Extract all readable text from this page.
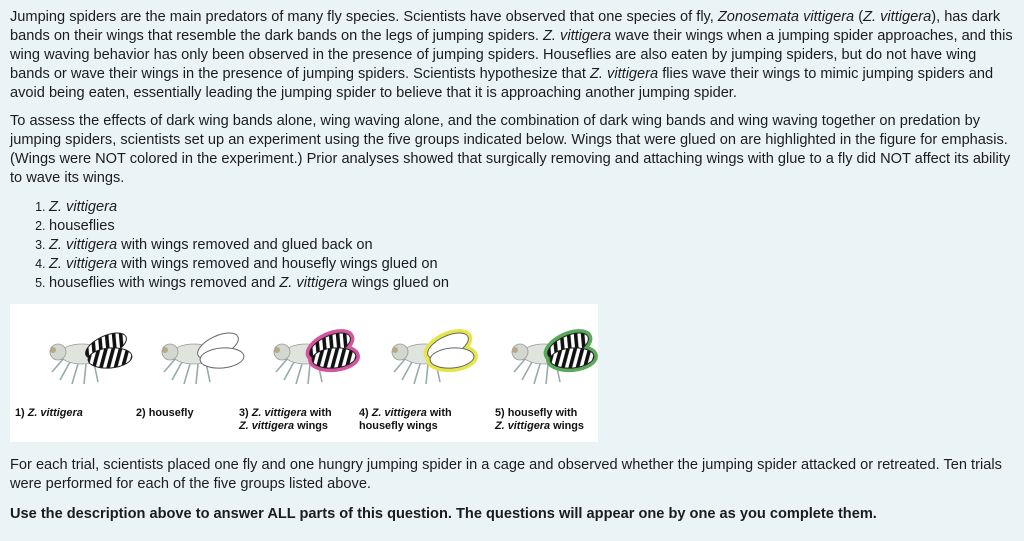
Jumping spiders are the main predators of many fly species. Scientists have observed that one species of fly, Zonosemata vittigera (Z. vittigera), has dark bands on their wings that resemble the dark bands on the legs of jumping spiders. Z. vittigera wave their wings when a jumping spider approaches, and this wing waving behavior has only been observed in the presence of jumping spiders. Houseflies are also eaten by jumping spiders, but do not have wing bands or wave their wings in the presence of jumping spiders. Scientists hypothesize that Z. vittigera flies wave their wings to mimic jumping spiders and avoid being eaten, essentially leading the jumping spider to believe that it is approaching another jumping spider.

To assess the effects of dark wing bands alone, wing waving alone, and the combination of dark wing bands and wing waving together on predation by jumping spiders, scientists set up an experiment using the five groups indicated below. Wings that were glued on are highlighted in the figure for emphasis. (Wings were NOT colored in the experiment.) Prior analyses showed that surgically removing and attaching wings with glue to a fly did NOT affect its ability to wave its wings.

1. Z. vittigera
2. houseflies
3. Z. vittigera with wings removed and glued back on
4. Z. vittigera with wings removed and housefly wings glued on
5. houseflies with wings removed and Z. vittigera wings glued on
1) Z. vittigera	2) housefly	3) Z. vittigera with
Z. vittigera wings
4) Z. vittigera with
housefly wings
5) housefly with
Z. vittigera wings

For each trial, scientists placed one fly and one hungry jumping spider in a cage and observed whether the jumping spider attacked or retreated. Ten trials were performed for each of the five groups listed above.

Use the description above to answer ALL parts of this question. The questions will appear one by one as you complete them.
